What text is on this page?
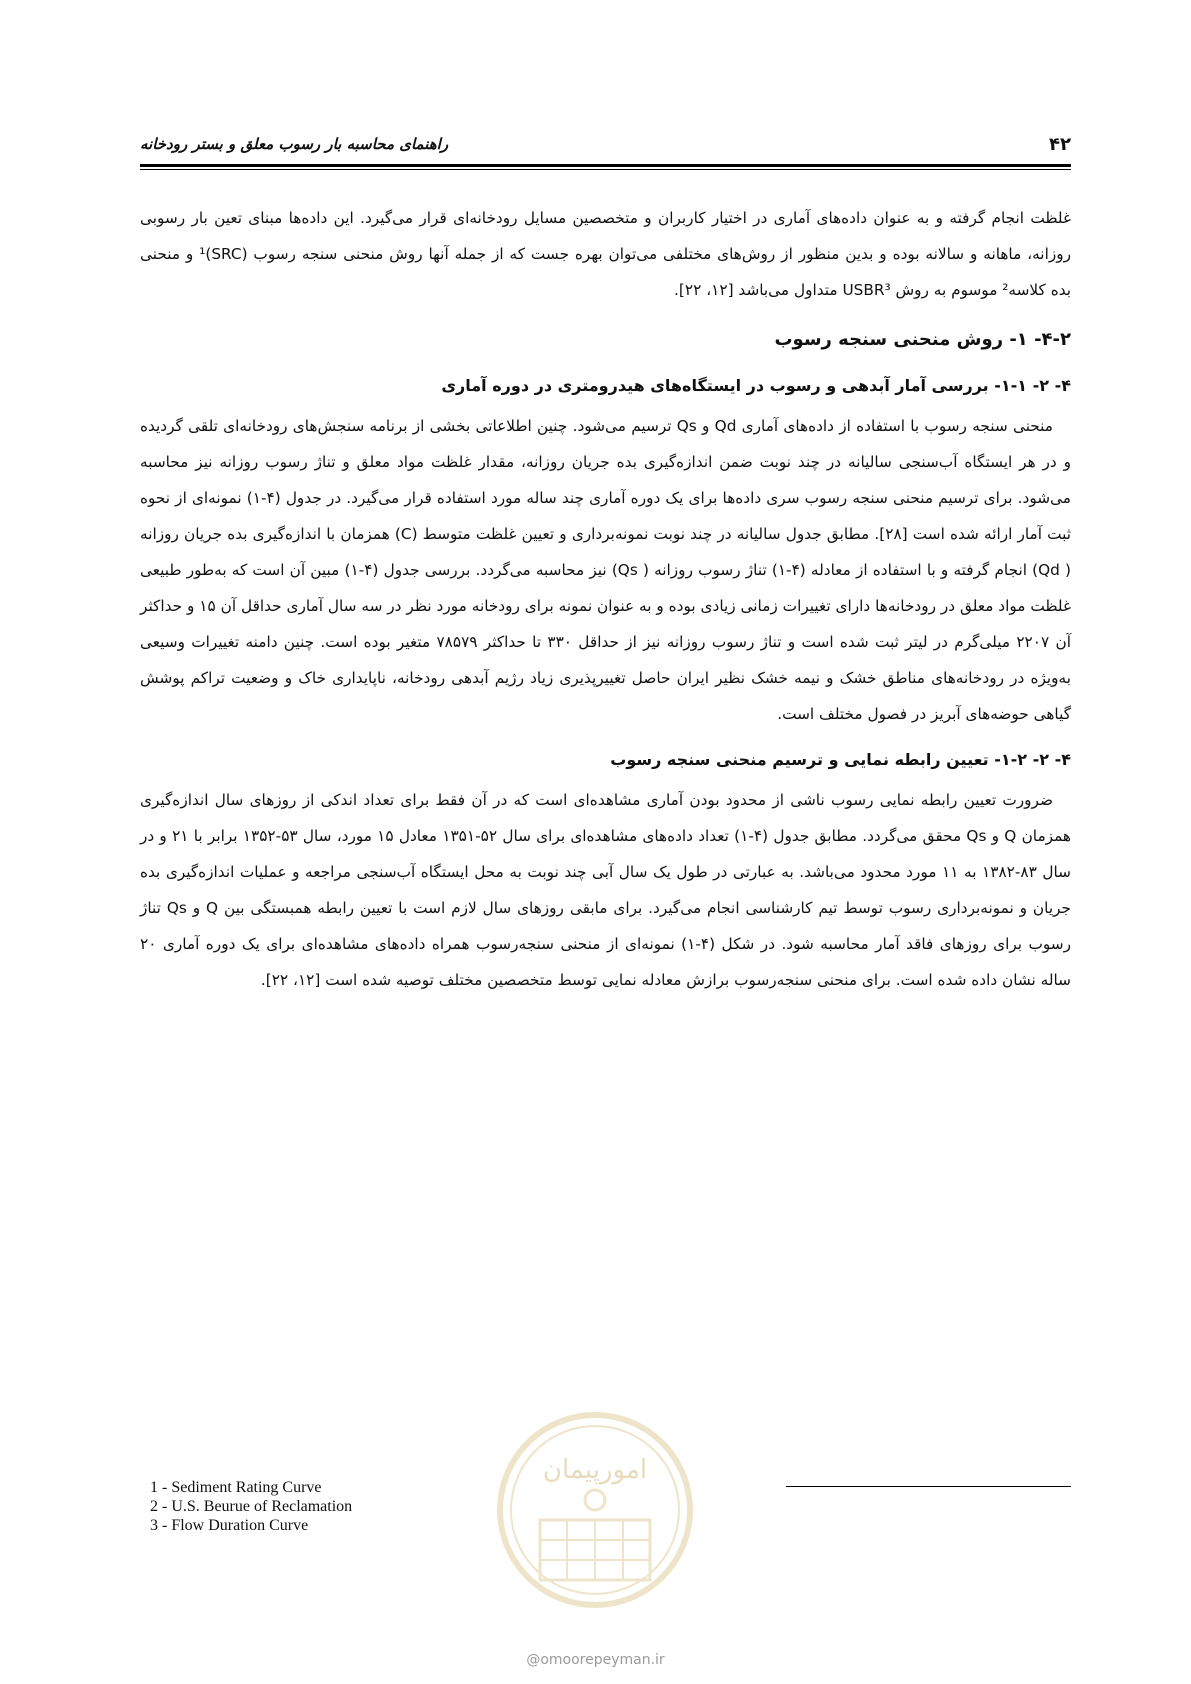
۴۲
راهنمای محاسبه بار رسوب معلق و بستر رودخانه

غلظت انجام گرفته و به عنوان داده‌های آماری در اختیار کاربران و متخصصین مسایل رودخانه‌ای قرار می‌گیرد. این داده‌ها مبنای تعین بار رسوبی روزانه، ماهانه و سالانه بوده و بدین منظور از روش‌های مختلفی می‌توان بهره جست که از جمله آنها روش منحنی سنجه رسوب (SRC)¹ و منحنی بده کلاسه² موسوم به روش USBR³ متداول می‌باشد [۱۲، ۲۲].

۴-۲- ۱- روش منحنی سنجه رسوب
۴- ۲- ۱-۱- بررسی آمار آبدهی و رسوب در ایستگاه‌های هیدرومتری در دوره آماری

منحنی سنجه رسوب با استفاده از داده‌های آماری Qd و Qs ترسیم می‌شود. چنین اطلاعاتی بخشی از برنامه سنجش‌های رودخانه‌ای تلقی گردیده و در هر ایستگاه آب‌سنجی سالیانه در چند نوبت ضمن اندازه‌گیری بده جریان روزانه، مقدار غلظت مواد معلق و تناژ رسوب روزانه نیز محاسبه می‌شود. برای ترسیم منحنی سنجه رسوب سری داده‌ها برای یک دوره آماری چند ساله مورد استفاده قرار می‌گیرد. در جدول (۴-۱) نمونه‌ای از نحوه ثبت آمار ارائه شده است [۲۸]. مطابق جدول سالیانه در چند نوبت نمونه‌برداری و تعیین غلظت متوسط (C) همزمان با اندازه‌گیری بده جریان روزانه ( Qd) انجام گرفته و با استفاده از معادله (۴-۱) تناژ رسوب روزانه ( Qs) نیز محاسبه می‌گردد. بررسی جدول (۴-۱) مبین آن است که به‌طور طبیعی غلظت مواد معلق در رودخانه‌ها دارای تغییرات زمانی زیادی بوده و به عنوان نمونه برای رودخانه مورد نظر در سه سال آماری حداقل آن ۱۵ و حداکثر آن ۲۲۰۷ میلی‌گرم در لیتر ثبت شده است و تناژ رسوب روزانه نیز از حداقل ۳۳۰ تا حداکثر ۷۸۵۷۹ متغیر بوده است. چنین دامنه تغییرات وسیعی به‌ویژه در رودخانه‌های مناطق خشک و نیمه خشک نظیر ایران حاصل تغییرپذیری زیاد رژیم آبدهی رودخانه، ناپایداری خاک و وضعیت تراکم پوشش گیاهی حوضه‌های آبریز در فصول مختلف است.

۴- ۲- ۱-۲- تعیین رابطه نمایی و ترسیم منحنی سنجه رسوب

ضرورت تعیین رابطه نمایی رسوب ناشی از محدود بودن آماری مشاهده‌ای است که در آن فقط برای تعداد اندکی از روزهای سال اندازه‌گیری همزمان Q و Qs محقق می‌گردد. مطابق جدول (۴-۱) تعداد داده‌های مشاهده‌ای برای سال ۵۲-۱۳۵۱ معادل ۱۵ مورد، سال ۵۳-۱۳۵۲ برابر با ۲۱ و در سال ۸۳-۱۳۸۲ به ۱۱ مورد محدود می‌باشد. به عبارتی در طول یک سال آبی چند نوبت به محل ایستگاه آب‌سنجی مراجعه و عملیات اندازه‌گیری بده جریان و نمونه‌برداری رسوب توسط تیم کارشناسی انجام می‌گیرد. برای مابقی روزهای سال لازم است با تعیین رابطه همبستگی بین Q و Qs تناژ رسوب برای روزهای فاقد آمار محاسبه شود. در شکل (۴-۱) نمونه‌ای از منحنی سنجه‌رسوب همراه داده‌های مشاهده‌ای برای یک دوره آماری ۲۰ ساله نشان داده شده است. برای منحنی سنجه‌رسوب برازش معادله نمایی توسط متخصصین مختلف توصیه شده است [۱۲، ۲۲].

1 - Sediment Rating Curve
2 - U.S. Beurue of Reclamation
3 - Flow Duration Curve
امورپیمان
@omoorepeyman.ir
